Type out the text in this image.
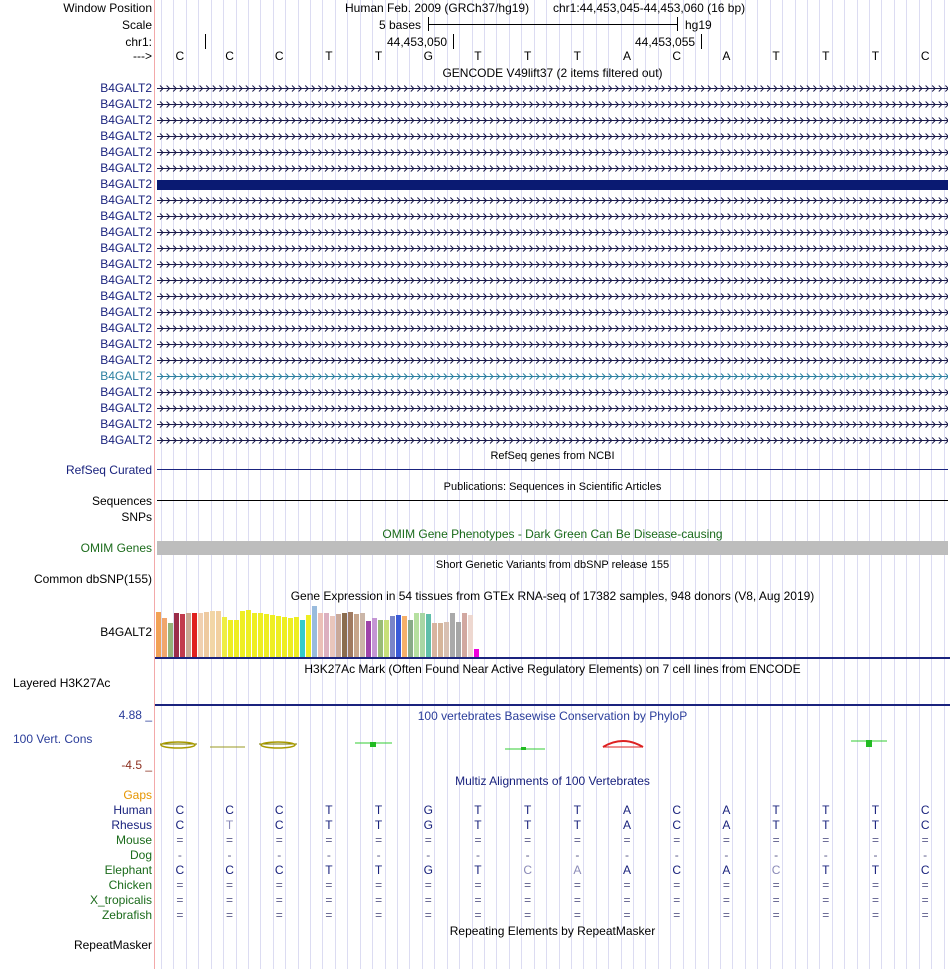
Window Position
Scale
chr1:
--->
B4GALT2
B4GALT2
B4GALT2
B4GALT2
B4GALT2
B4GALT2
B4GALT2
B4GALT2
B4GALT2
B4GALT2
B4GALT2
B4GALT2
B4GALT2
B4GALT2
B4GALT2
B4GALT2
B4GALT2
B4GALT2
B4GALT2
B4GALT2
B4GALT2
B4GALT2
B4GALT2
RefSeq Curated
Sequences
SNPs
OMIM Genes
Common dbSNP(155)
B4GALT2
Layered H3K27Ac
4.88 _
100 Vert. Cons
-4.5 _
Gaps
Human
Rhesus
Mouse
Dog
Elephant
Chicken
X_tropicalis
Zebrafish
RepeatMasker
Human Feb. 2009 (GRCh37/hg19) chr1:44,453,045-44,453,060 (16 bp)
5 bases	hg19
44,453,050	44,453,055
C	C	C	T	T	G	T	T	T	A	C	A	T	T	T	C
GENCODE V49lift37 (2 items filtered out)
RefSeq genes from NCBI
Publications: Sequences in Scientific Articles
OMIM Gene Phenotypes - Dark Green Can Be Disease-causing
Short Genetic Variants from dbSNP release 155
Gene Expression in 54 tissues from GTEx RNA-seq of 17382 samples, 948 donors (V8, Aug 2019)
H3K27Ac Mark (Often Found Near Active Regulatory Elements) on 7 cell lines from ENCODE
100 vertebrates Basewise Conservation by PhyloP
Multiz Alignments of 100 Vertebrates
C	C	C	T	T	G	T	T	T	A	C	A	T	T	T	C
C	T	C	T	T	G	T	T	T	A	C	A	T	T	T	C
=	=	=	=	=	=	=	=	=	=	=	=	=	=	=	=
-	-	-	-	-	-	-	-	-	-	-	-	-	-	-	-
C	C	C	T	T	G	T	C	A	A	C	A	C	T	T	C
=	=	=	=	=	=	=	=	=	=	=	=	=	=	=	=
=	=	=	=	=	=	=	=	=	=	=	=	=	=	=	=
=	=	=	=	=	=	=	=	=	=	=	=	=	=	=	=
Repeating Elements by RepeatMasker
